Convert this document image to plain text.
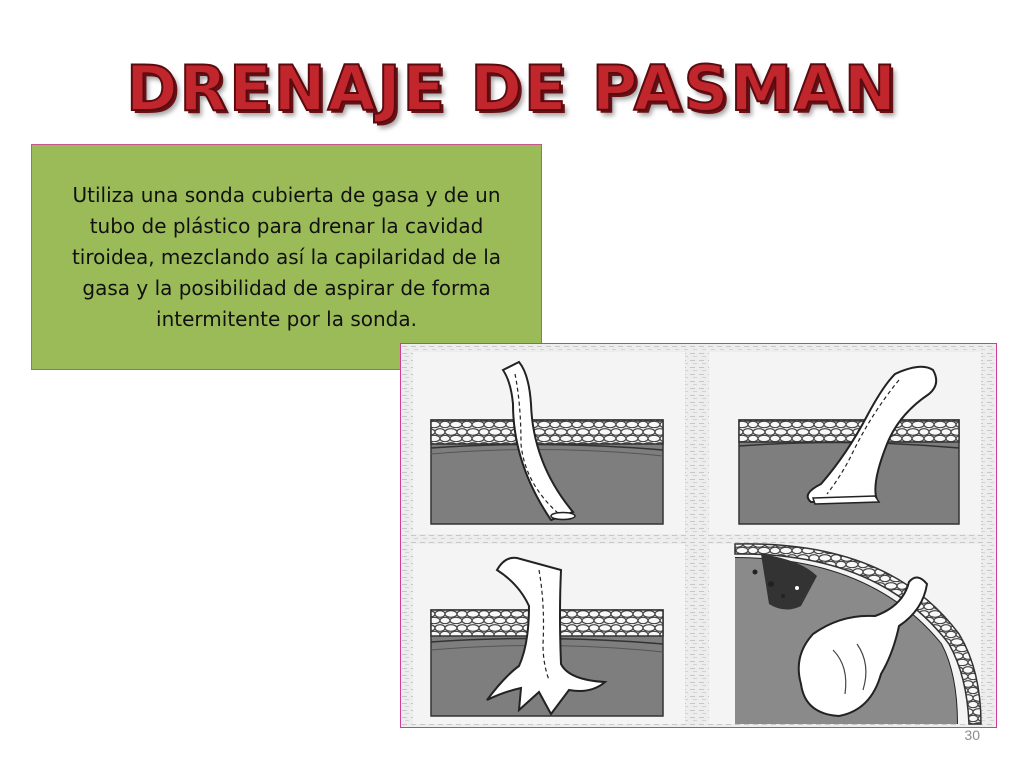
DRENAJE DE PASMAN

Utiliza una sonda cubierta de gasa y de un tubo de plástico para drenar la cavidad tiroidea, mezclando así la capilaridad de la gasa y la posibilidad de aspirar de forma intermitente por la sonda.

30
